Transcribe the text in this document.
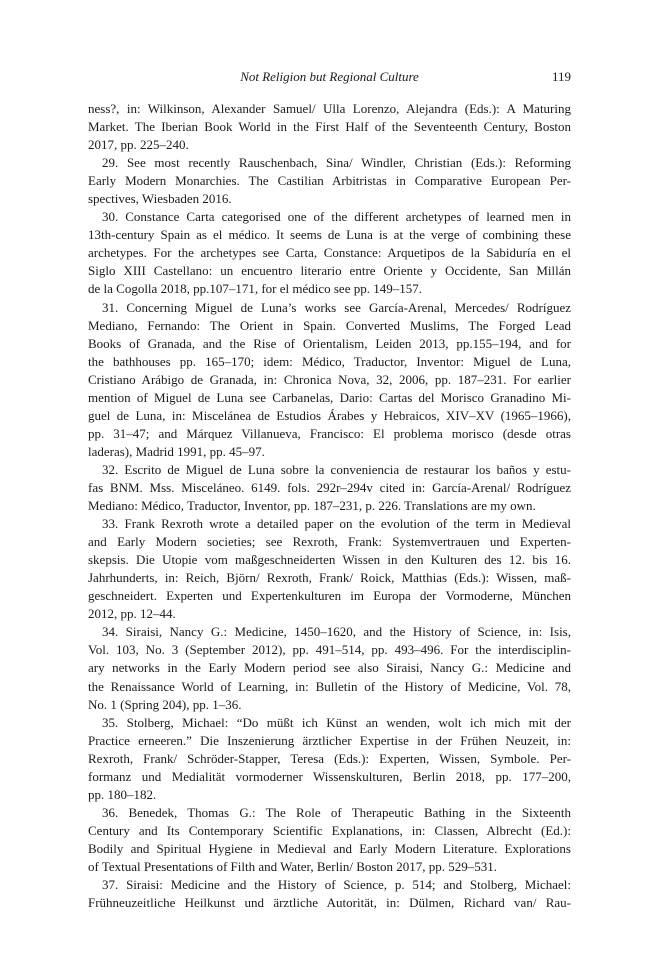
Not Religion but Regional Culture	119
ness?, in: Wilkinson, Alexander Samuel/ Ulla Lorenzo, Alejandra (Eds.): A Maturing
Market. The Iberian Book World in the First Half of the Seventeenth Century, Boston
2017, pp. 225–240.
29. See most recently Rauschenbach, Sina/ Windler, Christian (Eds.): Reforming
Early Modern Monarchies. The Castilian Arbitristas in Comparative European Per-
spectives, Wiesbaden 2016.
30. Constance Carta categorised one of the different archetypes of learned men in
13th-century Spain as el médico. It seems de Luna is at the verge of combining these
archetypes. For the archetypes see Carta, Constance: Arquetipos de la Sabiduría en el
Siglo XIII Castellano: un encuentro literario entre Oriente y Occidente, San Millán
de la Cogolla 2018, pp.107–171, for el médico see pp. 149–157.
31. Concerning Miguel de Luna’s works see García-Arenal, Mercedes/ Rodríguez
Mediano, Fernando: The Orient in Spain. Converted Muslims, The Forged Lead
Books of Granada, and the Rise of Orientalism, Leiden 2013, pp.155–194, and for
the bathhouses pp. 165–170; idem: Médico, Traductor, Inventor: Miguel de Luna,
Cristiano Arábigo de Granada, in: Chronica Nova, 32, 2006, pp. 187–231. For earlier
mention of Miguel de Luna see Carbanelas, Dario: Cartas del Morisco Granadino Mi-
guel de Luna, in: Miscelánea de Estudios Árabes y Hebraicos, XIV–XV (1965–1966),
pp. 31–47; and Márquez Villanueva, Francisco: El problema morisco (desde otras
laderas), Madrid 1991, pp. 45–97.
32. Escrito de Miguel de Luna sobre la conveniencia de restaurar los baños y estu-
fas BNM. Mss. Misceláneo. 6149. fols. 292r–294v cited in: García-Arenal/ Rodríguez
Mediano: Médico, Traductor, Inventor, pp. 187–231, p. 226. Translations are my own.
33. Frank Rexroth wrote a detailed paper on the evolution of the term in Medieval
and Early Modern societies; see Rexroth, Frank: Systemvertrauen und Experten-
skepsis. Die Utopie vom maßgeschneiderten Wissen in den Kulturen des 12. bis 16.
Jahrhunderts, in: Reich, Björn/ Rexroth, Frank/ Roick, Matthias (Eds.): Wissen, maß-
geschneidert. Experten und Expertenkulturen im Europa der Vormoderne, München
2012, pp. 12–44.
34. Siraisi, Nancy G.: Medicine, 1450–1620, and the History of Science, in: Isis,
Vol. 103, No. 3 (September 2012), pp. 491–514, pp. 493–496. For the interdisciplin-
ary networks in the Early Modern period see also Siraisi, Nancy G.: Medicine and
the Renaissance World of Learning, in: Bulletin of the History of Medicine, Vol. 78,
No. 1 (Spring 204), pp. 1–36.
35. Stolberg, Michael: “Do müßt ich Künst an wenden, wolt ich mich mit der
Practice erneeren.” Die Inszenierung ärztlicher Expertise in der Frühen Neuzeit, in:
Rexroth, Frank/ Schröder-Stapper, Teresa (Eds.): Experten, Wissen, Symbole. Per-
formanz und Medialität vormoderner Wissenskulturen, Berlin 2018, pp. 177–200,
pp. 180–182.
36. Benedek, Thomas G.: The Role of Therapeutic Bathing in the Sixteenth
Century and Its Contemporary Scientific Explanations, in: Classen, Albrecht (Ed.):
Bodily and Spiritual Hygiene in Medieval and Early Modern Literature. Explorations
of Textual Presentations of Filth and Water, Berlin/ Boston 2017, pp. 529–531.
37. Siraisi: Medicine and the History of Science, p. 514; and Stolberg, Michael:
Frühneuzeitliche Heilkunst und ärztliche Autorität, in: Dülmen, Richard van/ Rau-
